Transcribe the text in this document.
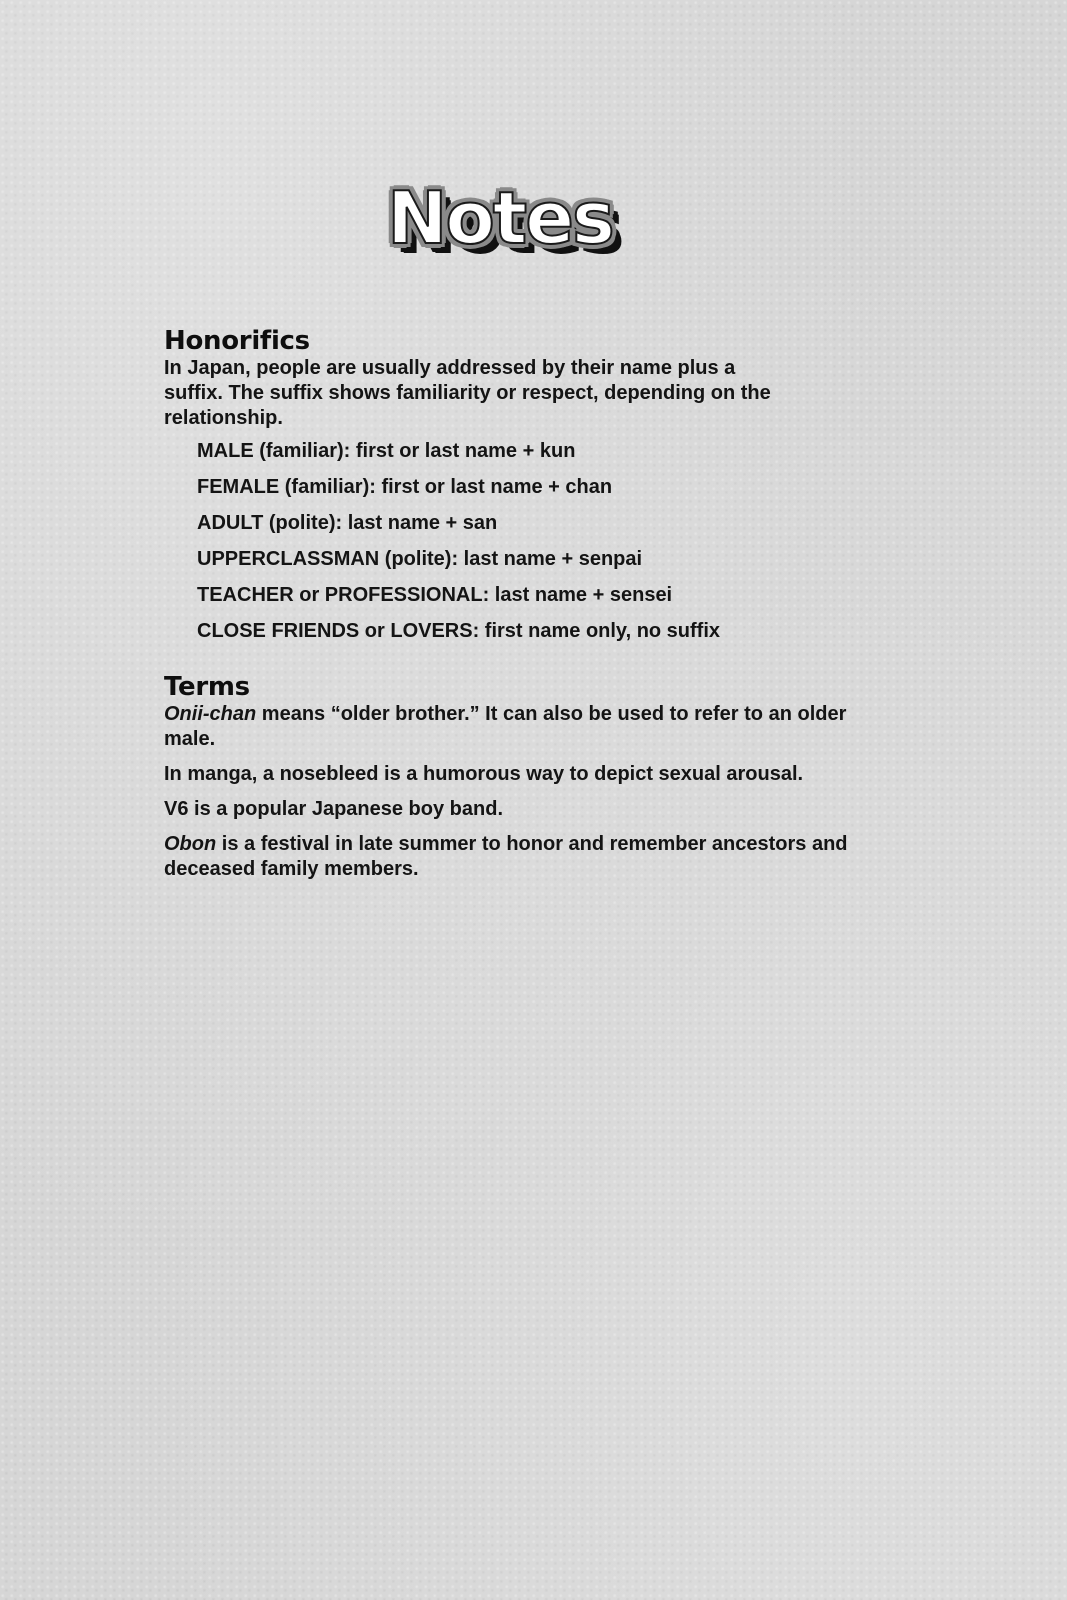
Notes
Honorifics

In Japan, people are usually addressed by their name plus a suffix. The suffix shows familiarity or respect, depending on the relationship.

MALE (familiar): first or last name + kun
FEMALE (familiar): first or last name + chan
ADULT (polite): last name + san
UPPERCLASSMAN (polite): last name + senpai
TEACHER or PROFESSIONAL: last name + sensei
CLOSE FRIENDS or LOVERS: first name only, no suffix
Terms

Onii-chan means “older brother.” It can also be used to refer to an older male.

In manga, a nosebleed is a humorous way to depict sexual arousal.

V6 is a popular Japanese boy band.

Obon is a festival in late summer to honor and remember ancestors and deceased family members.
